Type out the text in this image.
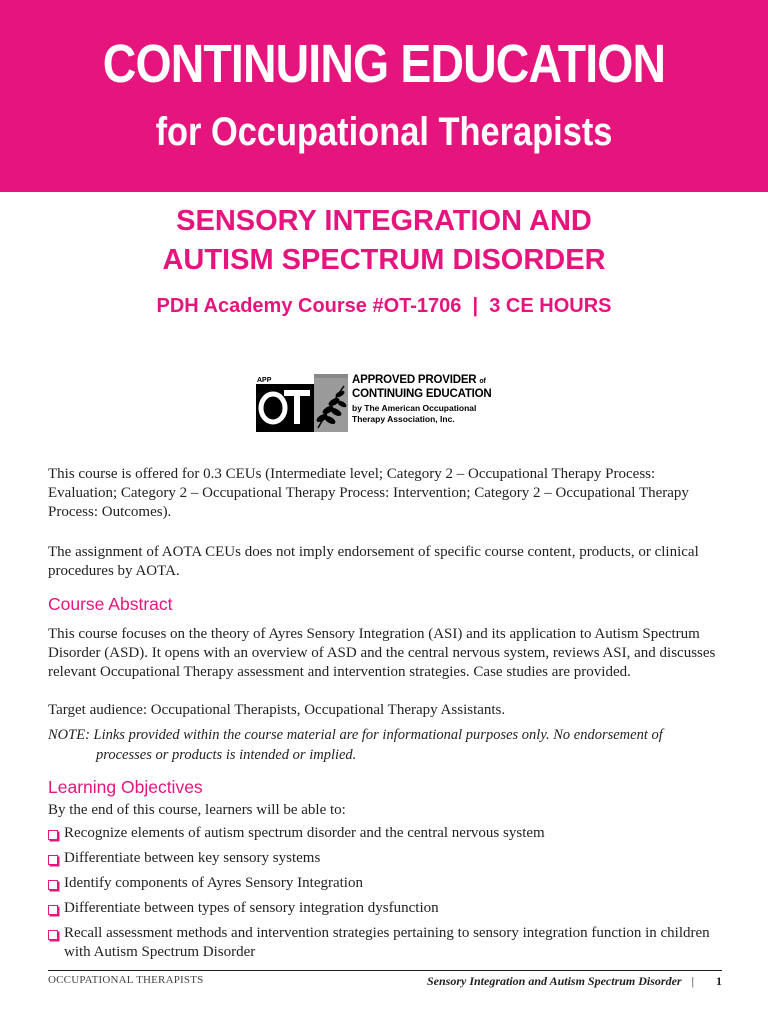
CONTINUING EDUCATION
for Occupational Therapists
SENSORY INTEGRATION AND
AUTISM SPECTRUM DISORDER
PDH Academy Course #OT-1706  |  3 CE HOURS
APP	APPROVED PROVIDER of
CONTINUING EDUCATION
by The American Occupational
Therapy Association, Inc.

This course is offered for 0.3 CEUs (Intermediate level; Category 2 – Occupational Therapy Process: Evaluation; Category 2 – Occupational Therapy Process: Intervention; Category 2 – Occupational Therapy Process: Outcomes).

The assignment of AOTA CEUs does not imply endorsement of specific course content, products, or clinical procedures by AOTA.

Course Abstract

This course focuses on the theory of Ayres Sensory Integration (ASI) and its application to Autism Spectrum Disorder (ASD). It opens with an overview of ASD and the central nervous system, reviews ASI, and discusses relevant Occupational Therapy assessment and intervention strategies. Case studies are provided.

Target audience: Occupational Therapists, Occupational Therapy Assistants.

NOTE: Links provided within the course material are for informational purposes only. No endorsement of
processes or products is intended or implied.

Learning Objectives

By the end of this course, learners will be able to:

Recognize elements of autism spectrum disorder and the central nervous system
Differentiate between key sensory systems
Identify components of Ayres Sensory Integration
Differentiate between types of sensory integration dysfunction
Recall assessment methods and intervention strategies pertaining to sensory integration function in children with Autism Spectrum Disorder
OCCUPATIONAL THERAPISTS	Sensory Integration and Autism Spectrum Disorder | 1
